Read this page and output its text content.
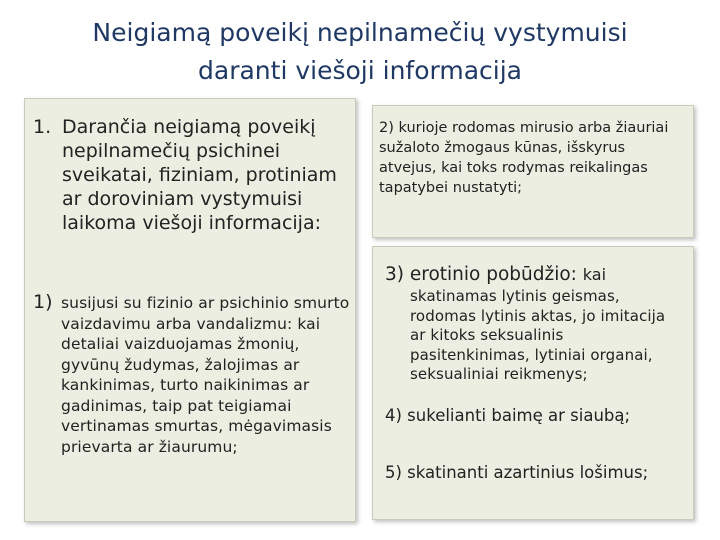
Neigiamą poveikį nepilnamečių vystymuisi
daranti viešoji informacija
1. Darančia neigiamą poveikį nepilnamečių psichinei sveikatai, fiziniam, protiniam ar doroviniam vystymuisi laikoma viešoji informacija:
1) susijusi su fizinio ar psichinio smurto vaizdavimu arba vandalizmu: kai detaliai vaizduojamas žmonių, gyvūnų žudymas, žalojimas ar kankinimas, turto naikinimas ar gadinimas, taip pat teigiamai vertinamas smurtas, mėgavimasis prievarta ar žiaurumu;
2) kurioje rodomas mirusio arba žiauriai sužaloto žmogaus kūnas, išskyrus atvejus, kai toks rodymas reikalingas tapatybei nustatyti;
3) erotinio pobūdžio: kai
skatinamas lytinis geismas, rodomas lytinis aktas, jo imitacija ar kitoks seksualinis pasitenkinimas, lytiniai organai, seksualiniai reikmenys;
4) sukelianti baimę ar siaubą;
5) skatinanti azartinius lošimus;
